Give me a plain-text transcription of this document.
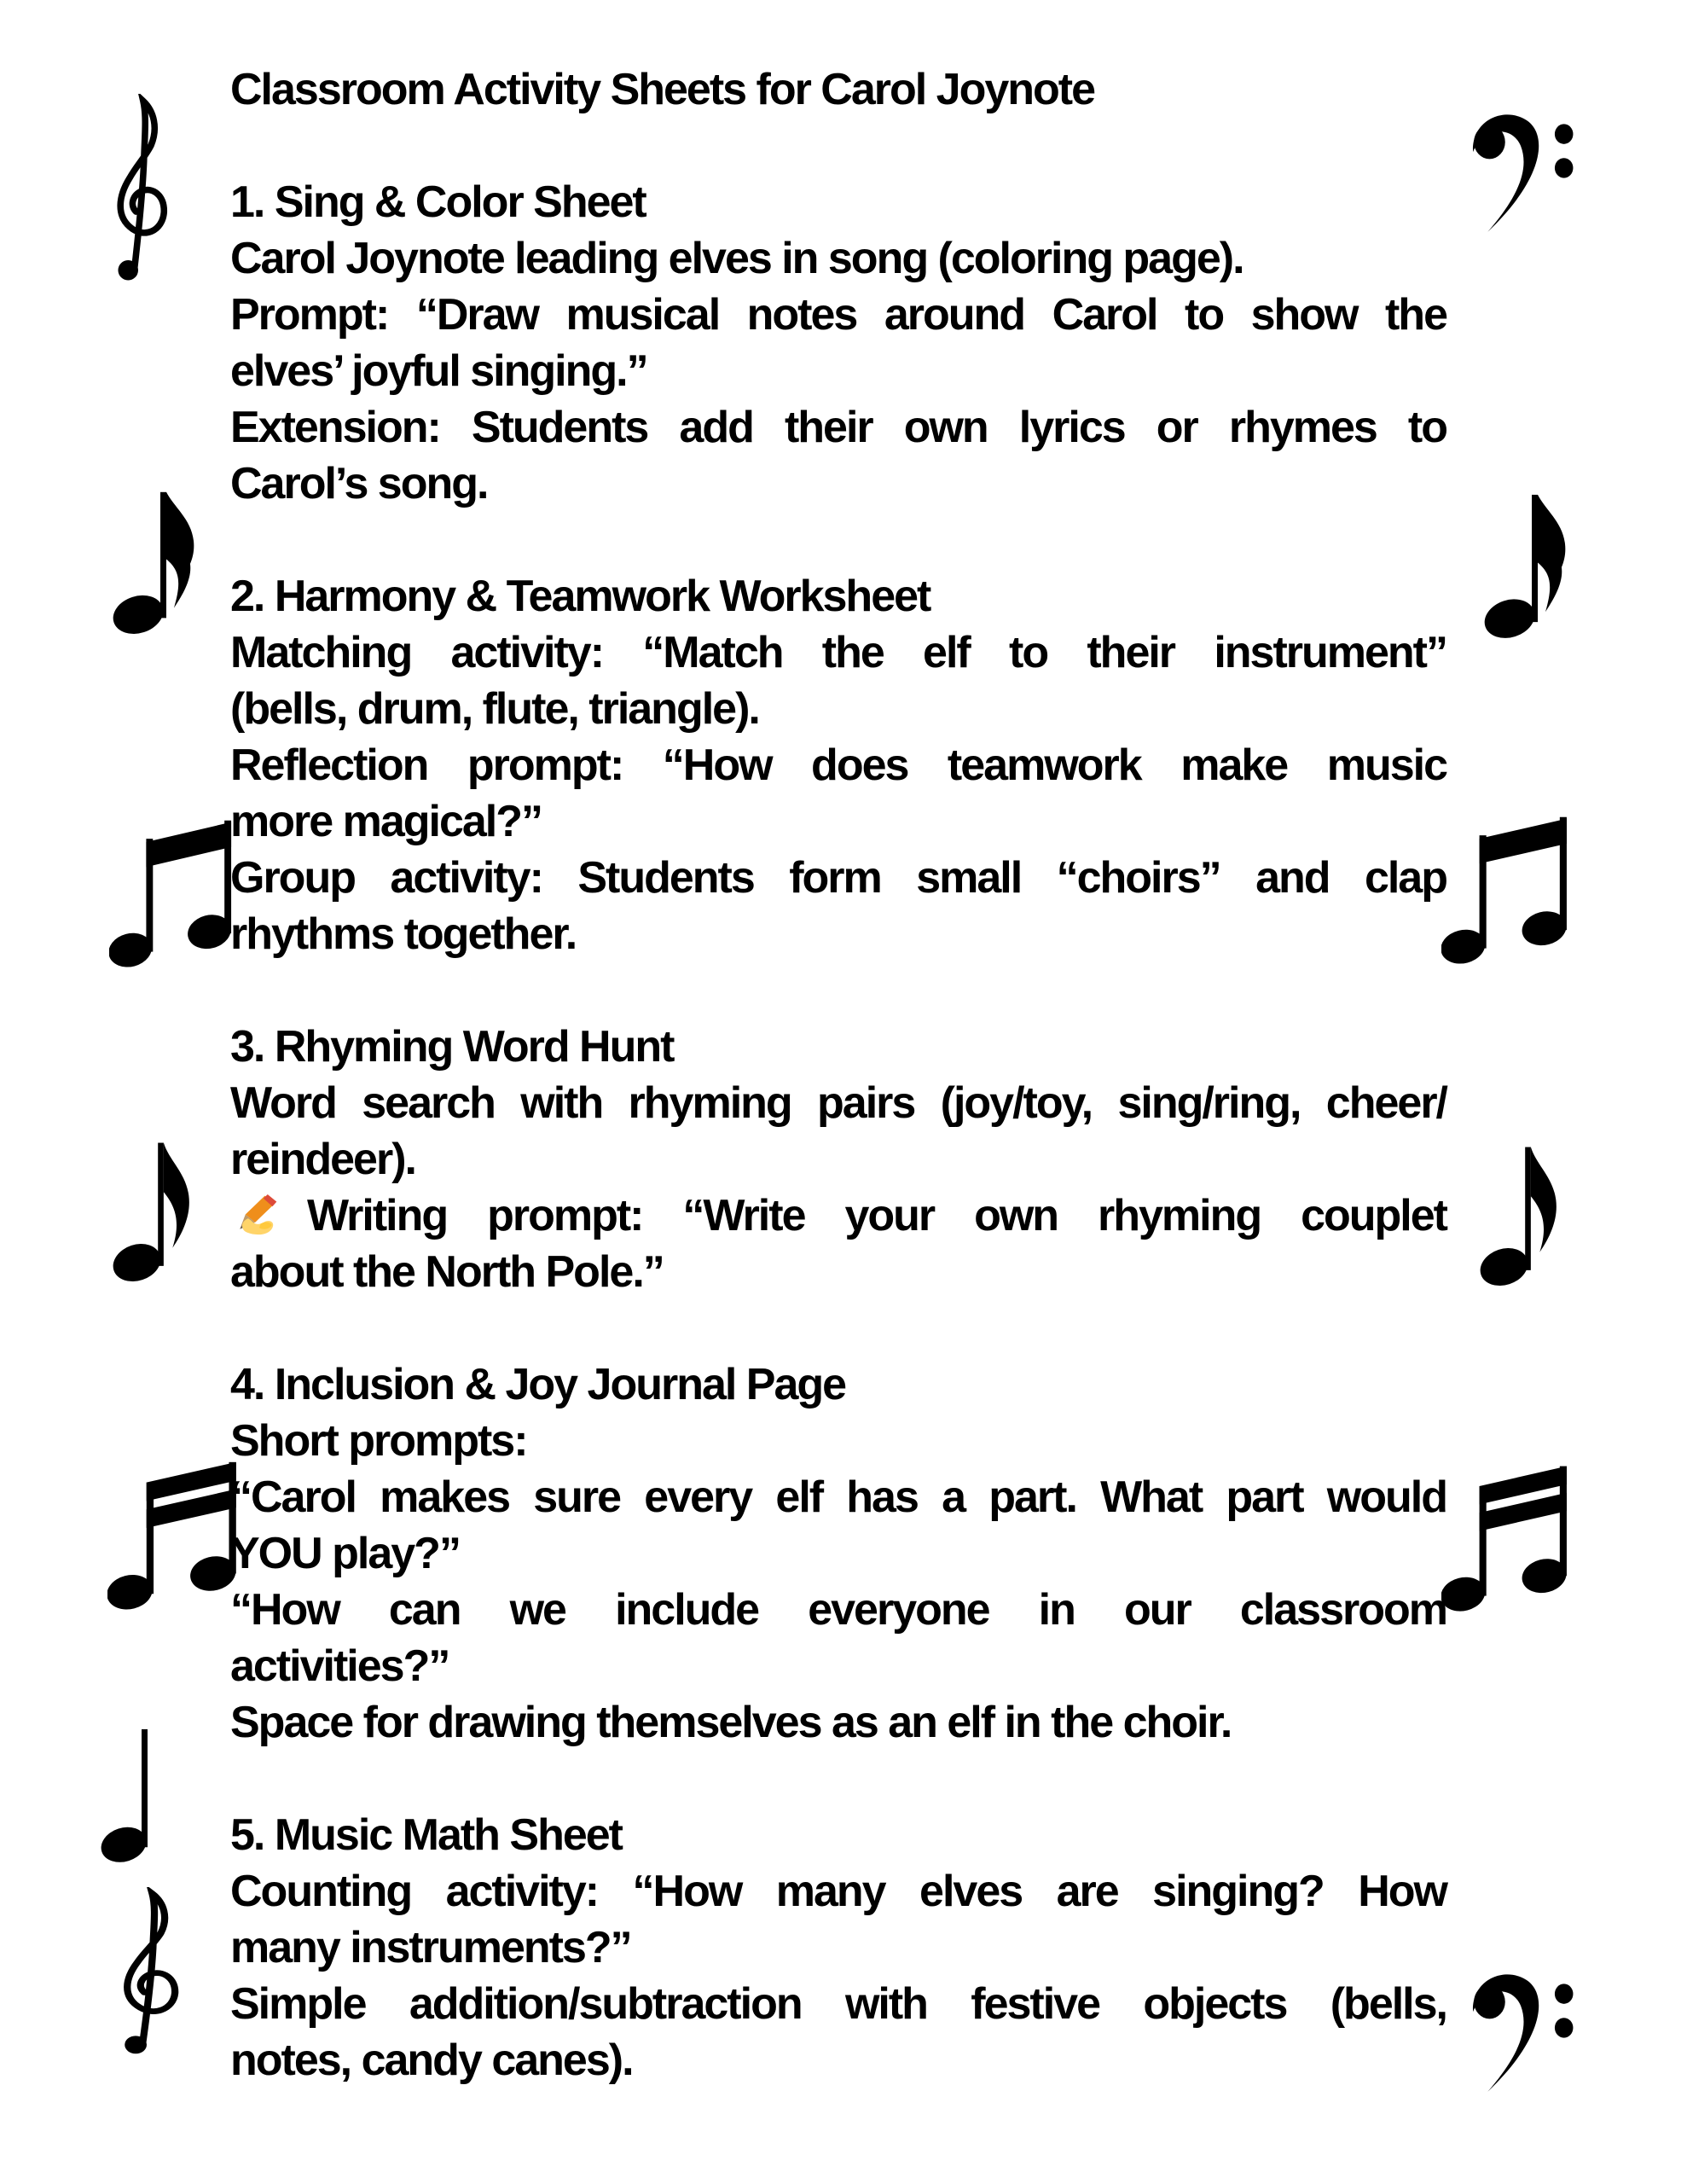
Classroom Activity Sheets for Carol Joynote
1. Sing & Color Sheet
Carol Joynote leading elves in song (coloring page).
Prompt: “Draw musical notes around Carol to show the
elves’ joyful singing.”
Extension: Students add their own lyrics or rhymes to
Carol’s song.
2. Harmony & Teamwork Worksheet
Matching activity: “Match the elf to their instrument”
(bells, drum, flute, triangle).
Reflection prompt: “How does teamwork make music
more magical?”
Group activity: Students form small “choirs” and clap
rhythms together.
3. Rhyming Word Hunt
Word search with rhyming pairs (joy/toy, sing/ring, cheer/
reindeer).
Writing prompt: “Write your own rhyming couplet
about the North Pole.”
4. Inclusion & Joy Journal Page
Short prompts:
“Carol makes sure every elf has a part. What part would
YOU play?”
“How can we include everyone in our classroom
activities?”
Space for drawing themselves as an elf in the choir.
5. Music Math Sheet
Counting activity: “How many elves are singing? How
many instruments?”
Simple addition/subtraction with festive objects (bells,
notes, candy canes).
